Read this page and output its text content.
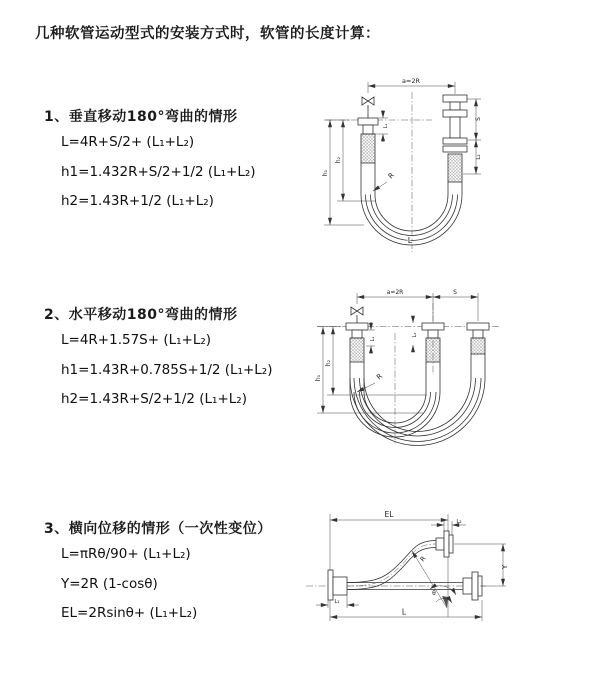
几种软管运动型式的安装方式时，软管的长度计算：
1、垂直移动180°弯曲的情形
L=4R+S/2+ (L₁+L₂)
h1=1.432R+S/2+1/2 (L₁+L₂)
h2=1.43R+1/2 (L₁+L₂)
a=2R
S
L₂
h₂
h₁
L₁
R
L
2、水平移动180°弯曲的情形
L=4R+1.57S+ (L₁+L₂)
h1=1.43R+0.785S+1/2 (L₁+L₂)
h2=1.43R+S/2+1/2 (L₁+L₂)
a=2R	S
h₂
h₁
L₁
L₂
R
3、横向位移的情形（一次性变位）
L=πRθ/90+ (L₁+L₂)
Y=2R (1-cosθ)
EL=2Rsinθ+ (L₁+L₂)
EL
L₂
Y
θ
R
L₁
L
